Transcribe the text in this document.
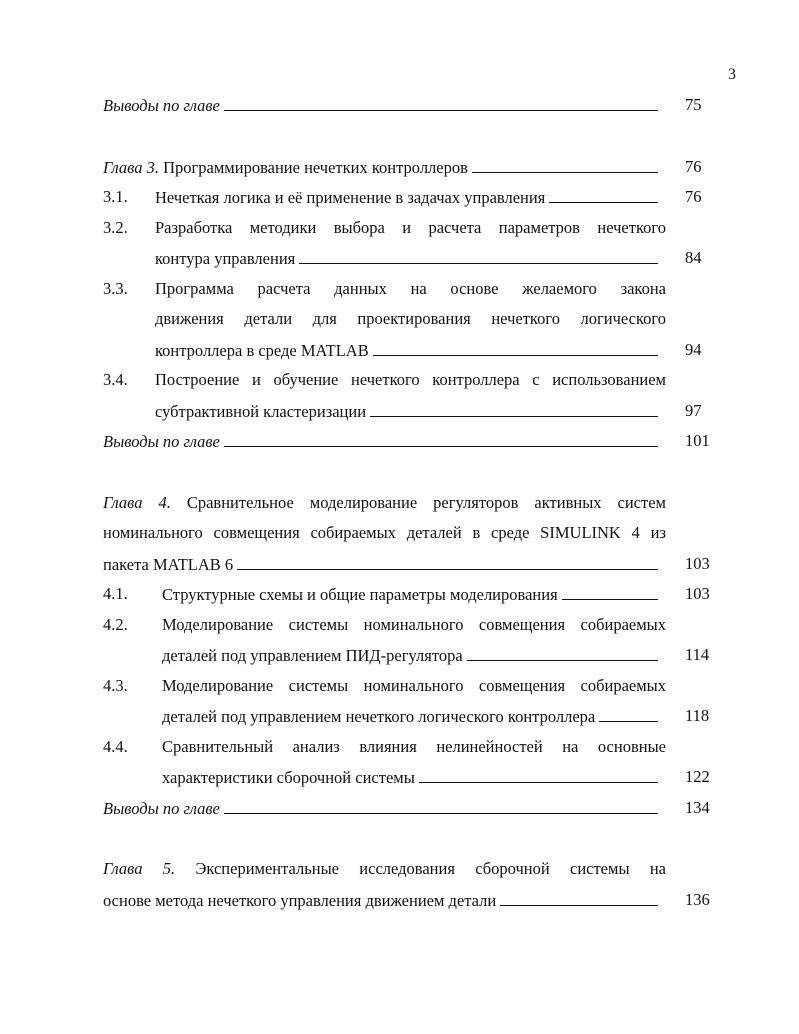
3
Выводы по главе	75
Глава 3. Программирование нечетких контроллеров	76
3.1. Нечеткая логика и её применение в задачах управления	76
3.2. Разработка методики выбора и расчета параметров нечеткого
контура управления	84
3.3. Программа расчета данных на основе желаемого закона
движения детали для проектирования нечеткого логического
контроллера в среде MATLAB	94
3.4. Построение и обучение нечеткого контроллера с использованием
субтрактивной кластеризации	97
Выводы по главе	101
Глава 4. Сравнительное моделирование регуляторов активных систем
номинального совмещения собираемых деталей в среде SIMULINK 4 из
пакета MATLAB 6	103
4.1. Структурные схемы и общие параметры моделирования	103
4.2. Моделирование системы номинального совмещения собираемых
деталей под управлением ПИД-регулятора	114
4.3. Моделирование системы номинального совмещения собираемых
деталей под управлением нечеткого логического контроллера	118
4.4. Сравнительный анализ влияния нелинейностей на основные
характеристики сборочной системы	122
Выводы по главе	134
Глава 5. Экспериментальные исследования сборочной системы на
основе метода нечеткого управления движением детали	136
